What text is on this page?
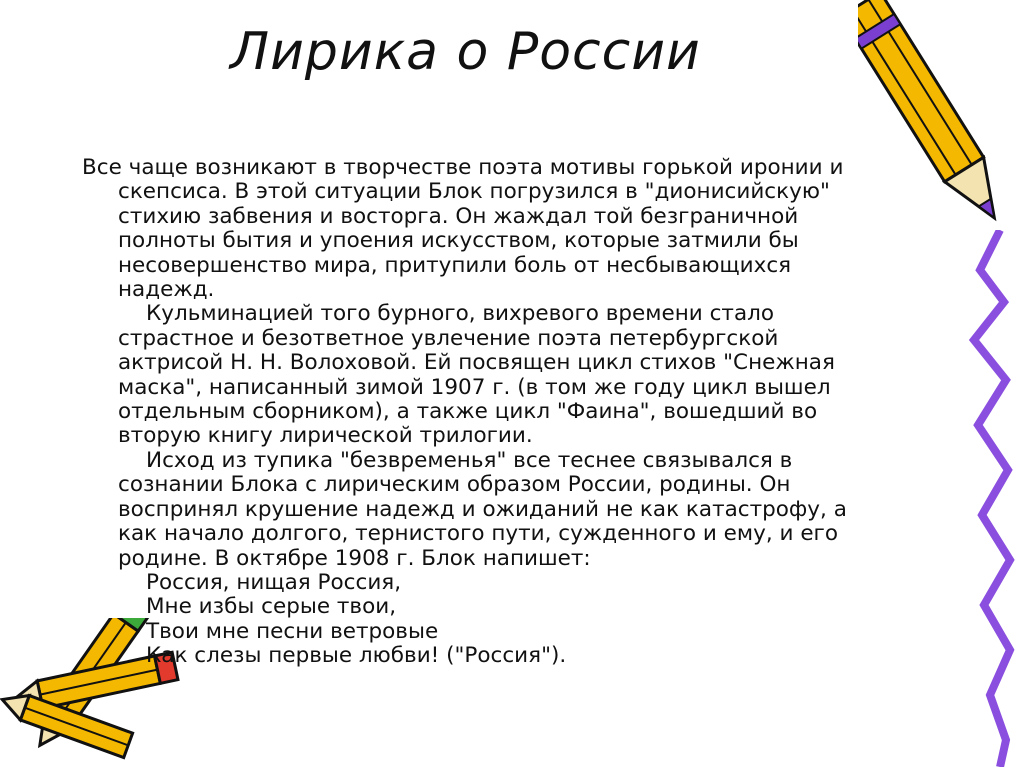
Лирика о России
Все чаще возникают в творчестве поэта мотивы горькой иронии и
скепсиса. В этой ситуации Блок погрузился в "дионисийскую"
стихию забвения и восторга. Он жаждал той безграничной
полноты бытия и упоения искусством, которые затмили бы
несовершенство мира, притупили боль от несбывающихся
надежд.
Кульминацией того бурного, вихревого времени стало
страстное и безответное увлечение поэта петербургской
актрисой Н. Н. Волоховой. Ей посвящен цикл стихов "Снежная
маска", написанный зимой 1907 г. (в том же году цикл вышел
отдельным сборником), а также цикл "Фаина", вошедший во
вторую книгу лирической трилогии.
Исход из тупика "безвременья" все теснее связывался в
сознании Блока с лирическим образом России, родины. Он
воспринял крушение надежд и ожиданий не как катастрофу, а
как начало долгого, тернистого пути, сужденного и ему, и его
родине. В октябре 1908 г. Блок напишет:
Россия, нищая Россия,
Мне избы серые твои,
Твои мне песни ветровые
Как слезы первые любви! ("Россия").
